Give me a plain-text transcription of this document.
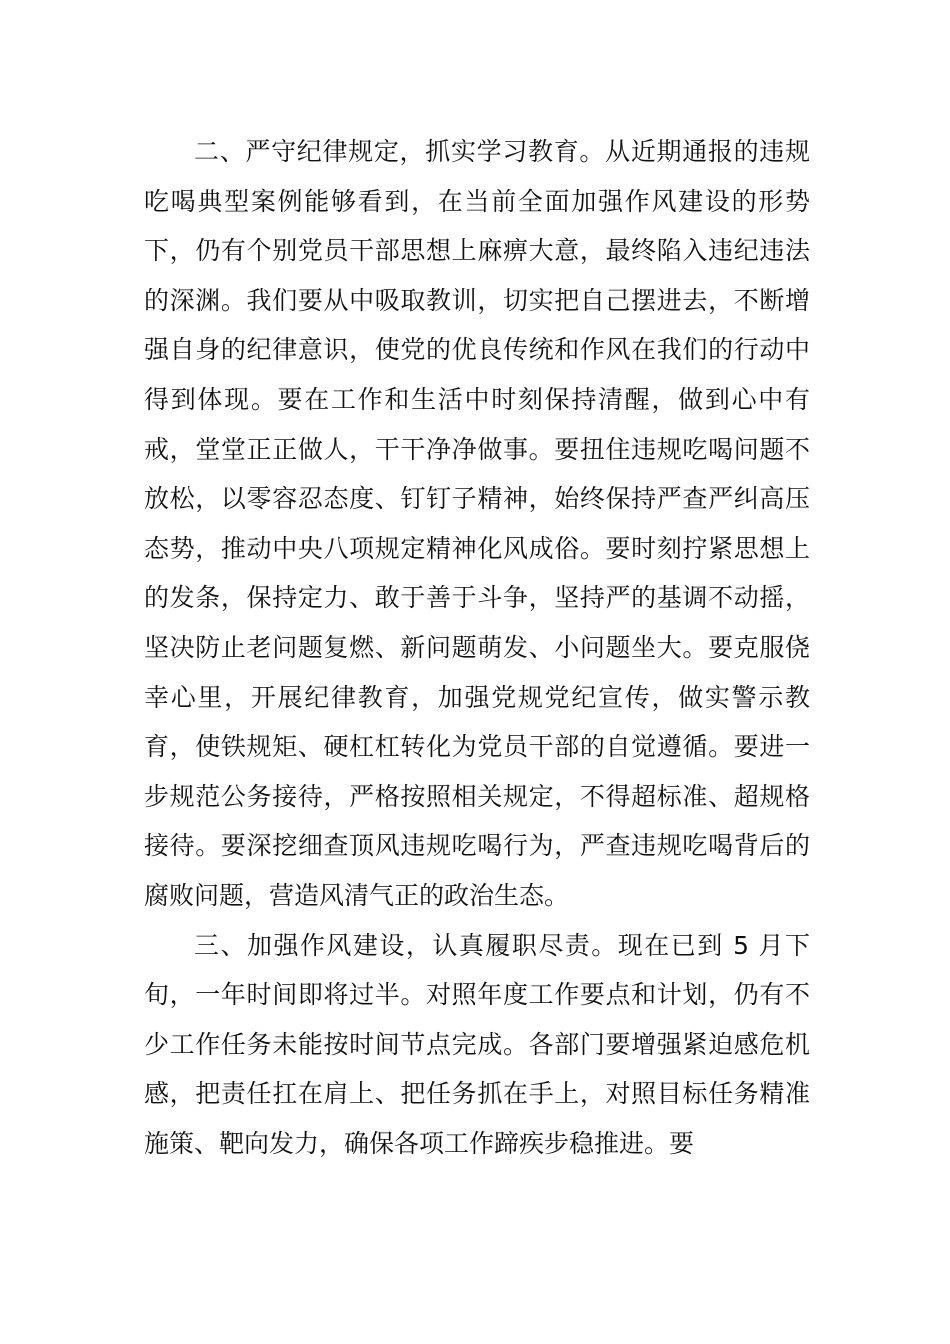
二、严守纪律规定，抓实学习教育。从近期通报的违规吃喝典型案例能够看到，在当前全面加强作风建设的形势下，仍有个别党员干部思想上麻痹大意，最终陷入违纪违法的深渊。我们要从中吸取教训，切实把自己摆进去，不断增强自身的纪律意识，使党的优良传统和作风在我们的行动中得到体现。要在工作和生活中时刻保持清醒，做到心中有戒，堂堂正正做人，干干净净做事。要扭住违规吃喝问题不放松，以零容忍态度、钉钉子精神，始终保持严查严纠高压态势，推动中央八项规定精神化风成俗。要时刻拧紧思想上的发条，保持定力、敢于善于斗争，坚持严的基调不动摇，坚决防止老问题复燃、新问题萌发、小问题坐大。要克服侥幸心里，开展纪律教育，加强党规党纪宣传，做实警示教育，使铁规矩、硬杠杠转化为党员干部的自觉遵循。要进一步规范公务接待，严格按照相关规定，不得超标准、超规格接待。要深挖细查顶风违规吃喝行为，严查违规吃喝背后的腐败问题，营造风清气正的政治生态。

三、加强作风建设，认真履职尽责。现在已到 5 月下旬，一年时间即将过半。对照年度工作要点和计划，仍有不少工作任务未能按时间节点完成。各部门要增强紧迫感危机感，把责任扛在肩上、把任务抓在手上，对照目标任务精准施策、靶向发力，确保各项工作蹄疾步稳推进。要
